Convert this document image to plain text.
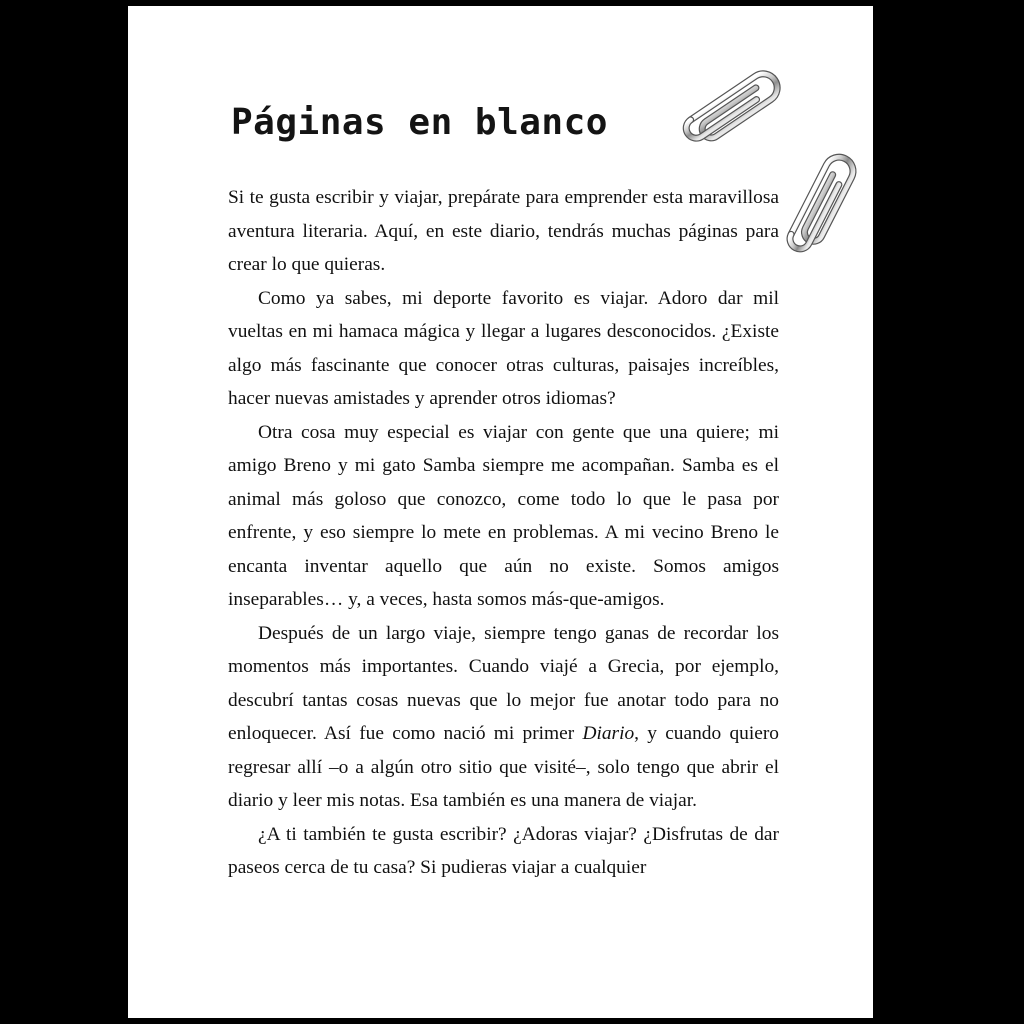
Páginas en blanco

Si te gusta escribir y viajar, prepárate para emprender esta maravillosa aventura literaria. Aquí, en este diario, tendrás muchas páginas para crear lo que quieras.

Como ya sabes, mi deporte favorito es viajar. Adoro dar mil vueltas en mi hamaca mágica y llegar a lugares desconocidos. ¿Existe algo más fascinante que conocer otras culturas, paisajes increíbles, hacer nuevas amistades y aprender otros idiomas?

Otra cosa muy especial es viajar con gente que una quiere; mi amigo Breno y mi gato Samba siempre me acompañan. Samba es el animal más goloso que conozco, come todo lo que le pasa por enfrente, y eso siempre lo mete en problemas. A mi vecino Breno le encanta inventar aquello que aún no existe. Somos amigos inseparables… y, a veces, hasta somos más-que-amigos.

Después de un largo viaje, siempre tengo ganas de recordar los momentos más importantes. Cuando viajé a Grecia, por ejemplo, descubrí tantas cosas nuevas que lo mejor fue anotar todo para no enloquecer. Así fue como nació mi primer Diario, y cuando quiero regresar allí –o a algún otro sitio que visité–, solo tengo que abrir el diario y leer mis notas. Esa también es una manera de viajar.

¿A ti también te gusta escribir? ¿Adoras viajar? ¿Disfrutas de dar paseos cerca de tu casa? Si pudieras viajar a cualquier
